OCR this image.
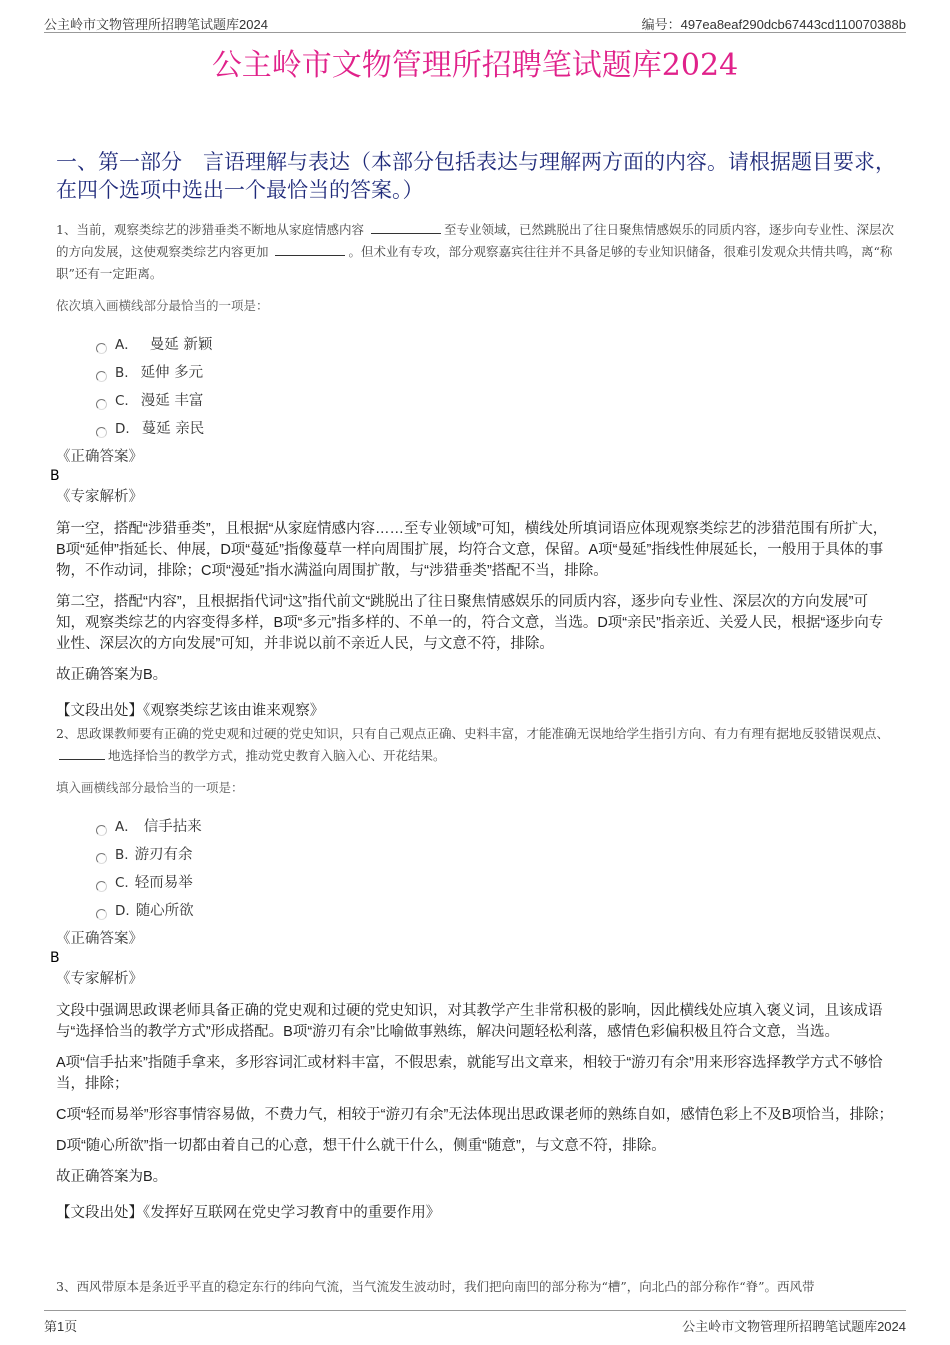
公主岭市文物管理所招聘笔试题库2024	编号：497ea8eaf290dcb67443cd110070388b
公主岭市文物管理所招聘笔试题库2024
一、第一部分　言语理解与表达（本部分包括表达与理解两方面的内容。请根据题目要求，在四个选项中选出一个最恰当的答案。）

1、当前，观察类综艺的涉猎垂类不断地从家庭情感内容	至专业领域，已然跳脱出了往日聚焦情感娱乐的同质内容，逐步向专业性、深层次的方向发展，这使观察类综艺内容更加	。但术业有专攻，部分观察嘉宾往往并不具备足够的专业知识储备，很难引发观众共情共鸣，离“称职”还有一定距离。

依次填入画横线部分最恰当的一项是：

A． 曼延 新颖
B. 延伸 多元
C. 漫延 丰富
D. 蔓延 亲民
《正确答案》
B
《专家解析》

第一空，搭配“涉猎垂类”，且根据“从家庭情感内容……至专业领域”可知，横线处所填词语应体现观察类综艺的涉猎范围有所扩大，B项“延伸”指延长、伸展，D项“蔓延”指像蔓草一样向周围扩展，均符合文意，保留。A项“曼延”指线性伸展延长，一般用于具体的事物，不作动词，排除；C项“漫延”指水满溢向周围扩散，与“涉猎垂类”搭配不当，排除。

第二空，搭配“内容”，且根据指代词“这”指代前文“跳脱出了往日聚焦情感娱乐的同质内容，逐步向专业性、深层次的方向发展”可知，观察类综艺的内容变得多样，B项“多元”指多样的、不单一的，符合文意，当选。D项“亲民”指亲近、关爱人民，根据“逐步向专业性、深层次的方向发展”可知，并非说以前不亲近人民，与文意不符，排除。

故正确答案为B。

【文段出处】《观察类综艺该由谁来观察》

2、思政课教师要有正确的党史观和过硬的党史知识，只有自己观点正确、史料丰富，才能准确无误地给学生指引方向、有力有理有据地反驳错误观点、地选择恰当的教学方式，推动党史教育入脑入心、开花结果。

填入画横线部分最恰当的一项是：

A． 信手拈来
B. 游刃有余
C. 轻而易举
D. 随心所欲
《正确答案》
B
《专家解析》

文段中强调思政课老师具备正确的党史观和过硬的党史知识，对其教学产生非常积极的影响，因此横线处应填入褒义词，且该成语与“选择恰当的教学方式”形成搭配。B项“游刃有余”比喻做事熟练，解决问题轻松利落，感情色彩偏积极且符合文意，当选。

A项“信手拈来”指随手拿来，多形容词汇或材料丰富，不假思索，就能写出文章来，相较于“游刃有余”用来形容选择教学方式不够恰当，排除；

C项“轻而易举”形容事情容易做，不费力气，相较于“游刃有余”无法体现出思政课老师的熟练自如，感情色彩上不及B项恰当，排除；

D项“随心所欲”指一切都由着自己的心意，想干什么就干什么，侧重“随意”，与文意不符，排除。

故正确答案为B。

【文段出处】《发挥好互联网在党史学习教育中的重要作用》

3、西风带原本是条近乎平直的稳定东行的纬向气流，当气流发生波动时，我们把向南凹的部分称为“槽”，向北凸的部分称作“脊”。西风带

第1页	公主岭市文物管理所招聘笔试题库2024
